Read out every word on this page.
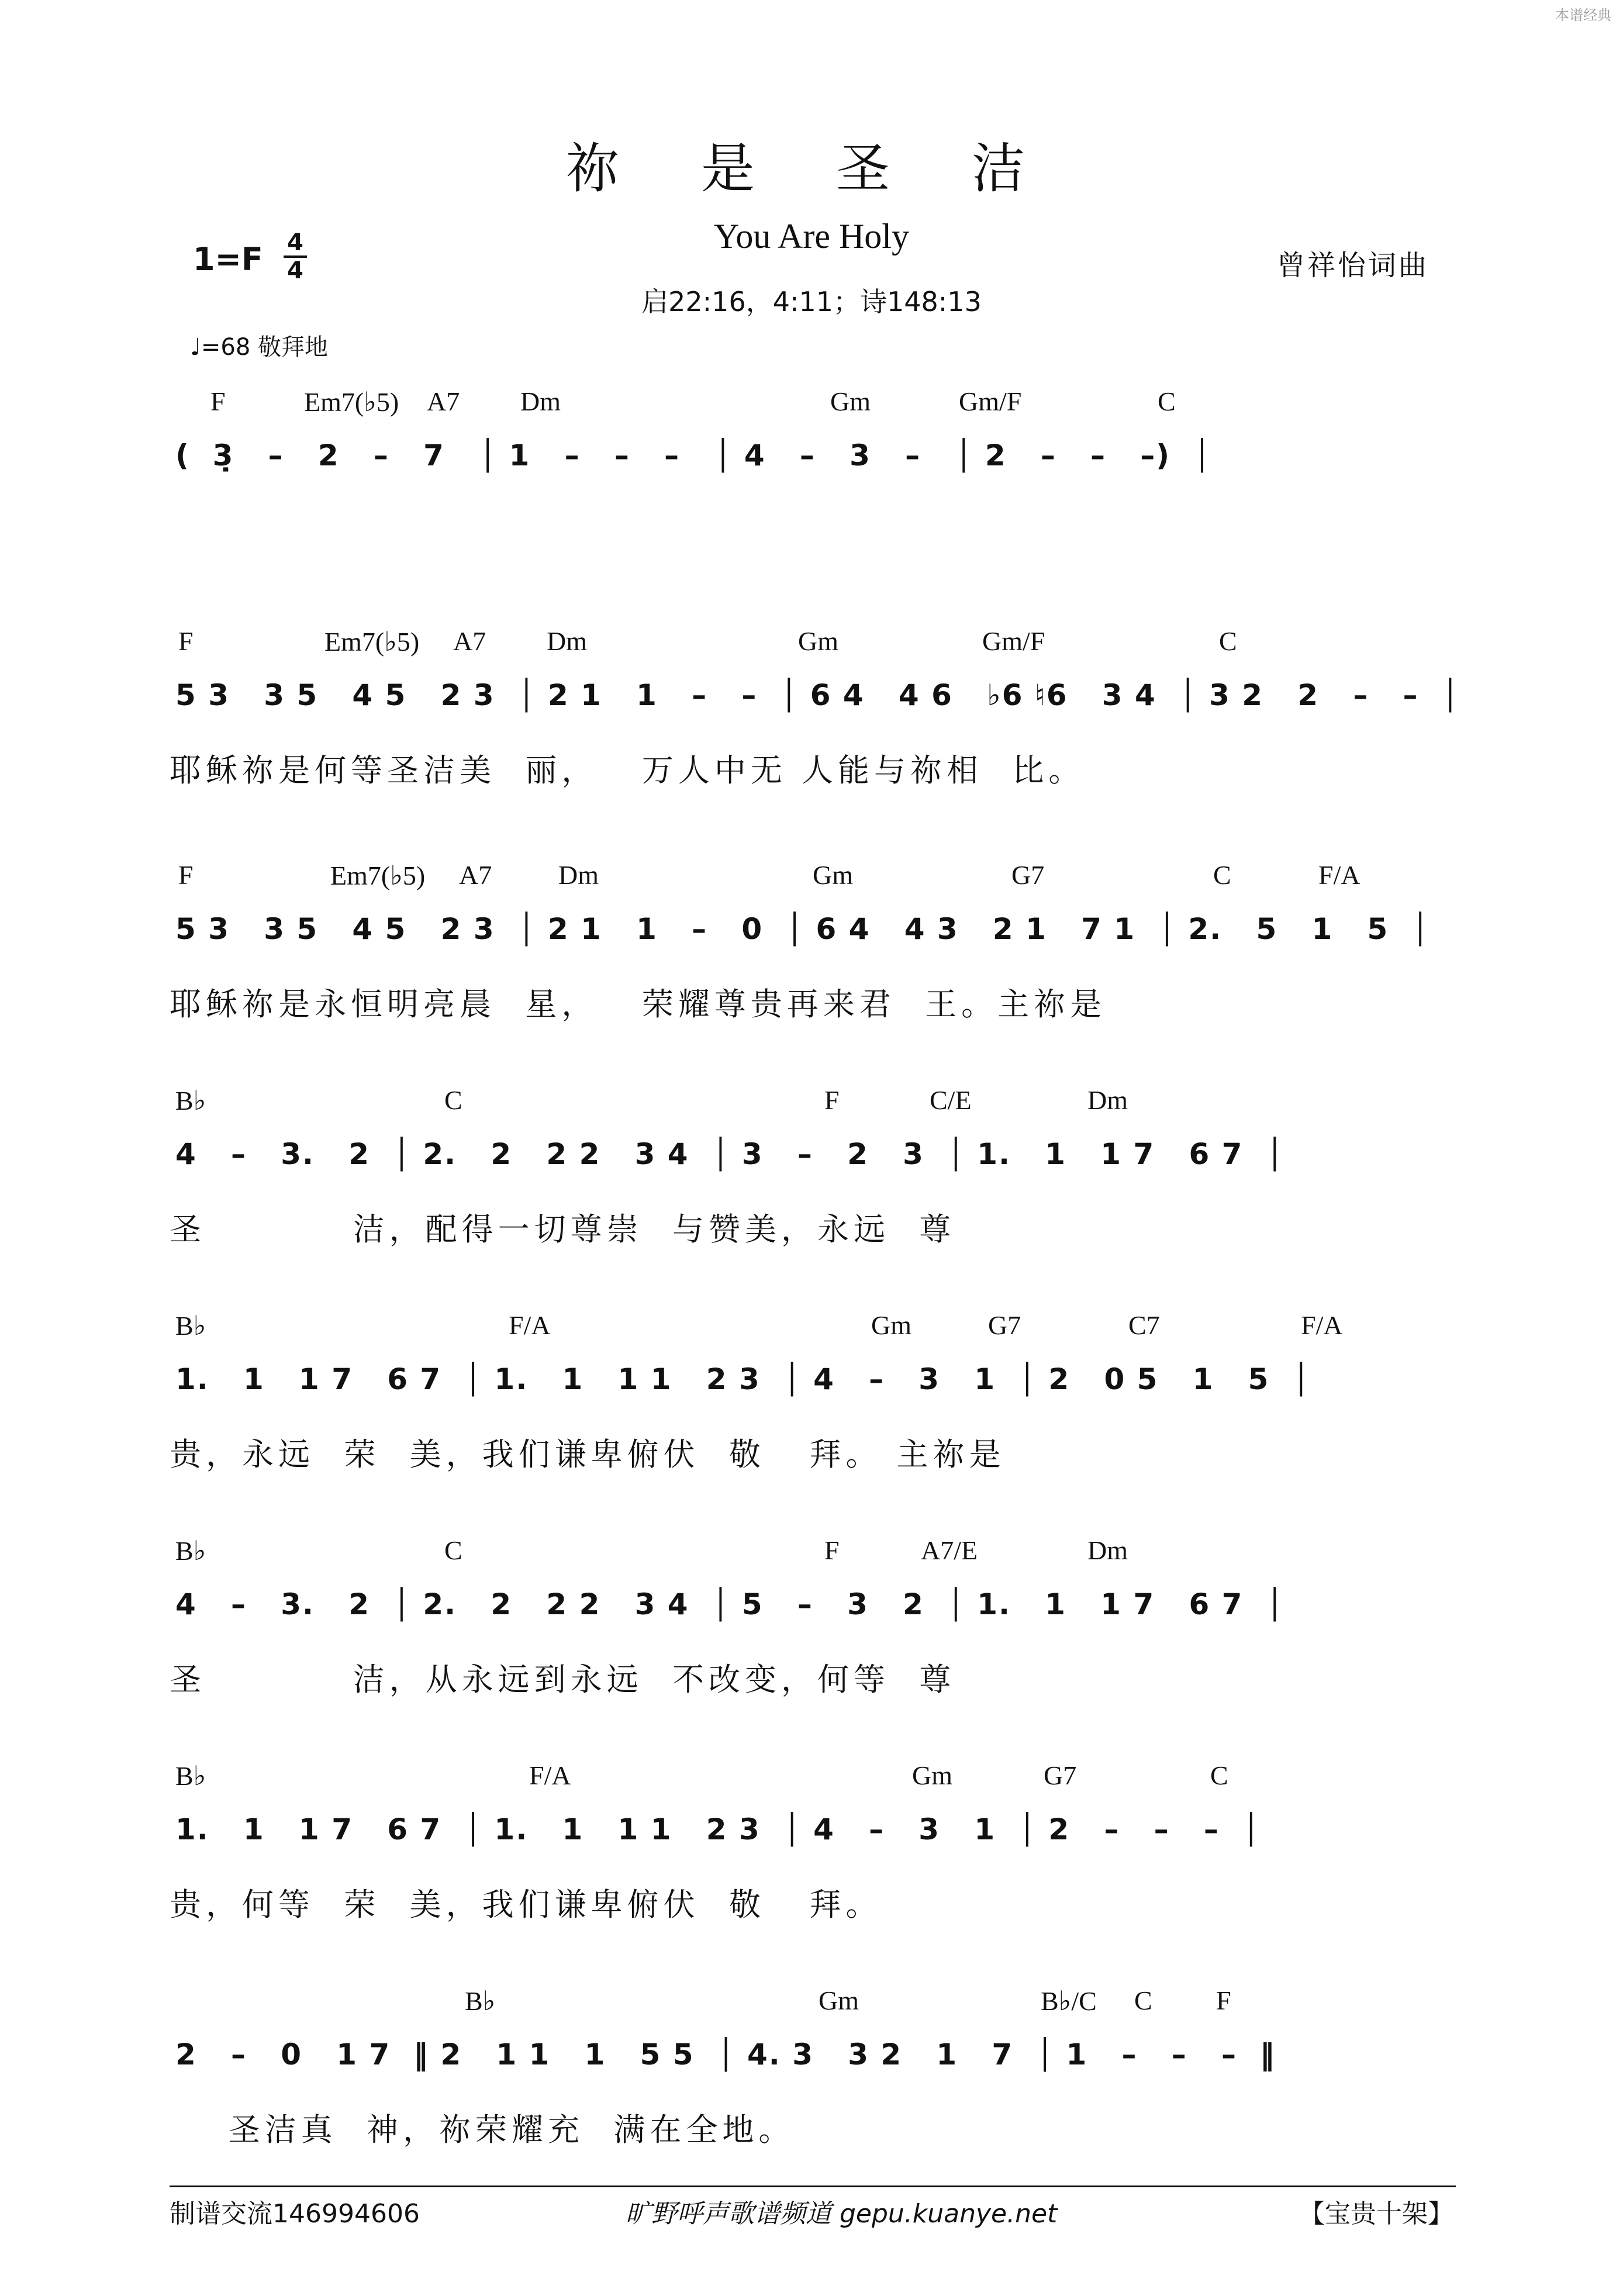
本谱经典
祢 是 圣 洁
You Are Holy
1=F 4
4
启22:16，4:11；诗148:13
曾祥怡词曲
♩=68 敬拜地
F	Em7(♭5) A7 Dm	Gm	Gm/F	C
(  3̣   –   2   –   7   │ 1   –   –   –   │ 4   –   3   –   │ 2   –   –   –)  │
F	Em7(♭5) A7 Dm	Gm	Gm/F	C
5 3   3 5   4 5   2 3  │ 2 1   1   –   –  │ 6 4   4 6   ♭6 ♮6   3 4  │ 3 2   2   –   –  │
耶稣祢是何等圣洁美  丽，   万人中无 人能与祢相  比。
F	Em7(♭5) A7 Dm	Gm	G7	C	F/A
5 3   3 5   4 5   2 3  │ 2 1   1   –   0  │ 6 4   4 3   2 1   7 1  │ 2.   5   1   5  │
耶稣祢是永恒明亮晨  星，   荣耀尊贵再来君  王。主祢是
B♭	C	F	C/E	Dm
4   –   3.   2  │ 2.   2   2 2   3 4  │ 3   –   2   3  │ 1.   1   1 7   6 7  │
圣          洁，配得一切尊崇  与赞美，永远  尊
B♭	F/A	Gm	G7	C7	F/A
1.   1   1 7   6 7  │ 1.   1   1 1   2 3  │ 4   –   3   1  │ 2   0 5   1   5  │
贵，永远  荣  美，我们谦卑俯伏  敬   拜。 主祢是
B♭	C	F	A7/E	Dm
4   –   3.   2  │ 2.   2   2 2   3 4  │ 5   –   3   2  │ 1.   1   1 7   6 7  │
圣          洁，从永远到永远  不改变，何等  尊
B♭	F/A	Gm	G7	C
1.   1   1 7   6 7  │ 1.   1   1 1   2 3  │ 4   –   3   1  │ 2   –   –   –  │
贵，何等  荣  美，我们谦卑俯伏  敬   拜。
B♭	Gm	B♭/C C F
2   –   0   1 7  ‖ 2   1 1   1   5 5  │ 4. 3   3 2   1   7  │ 1   –   –   –  ‖
圣洁真  神，祢荣耀充  满在全地。
制谱交流146994606	旷野呼声歌谱频道 gepu.kuanye.net	【宝贵十架】
